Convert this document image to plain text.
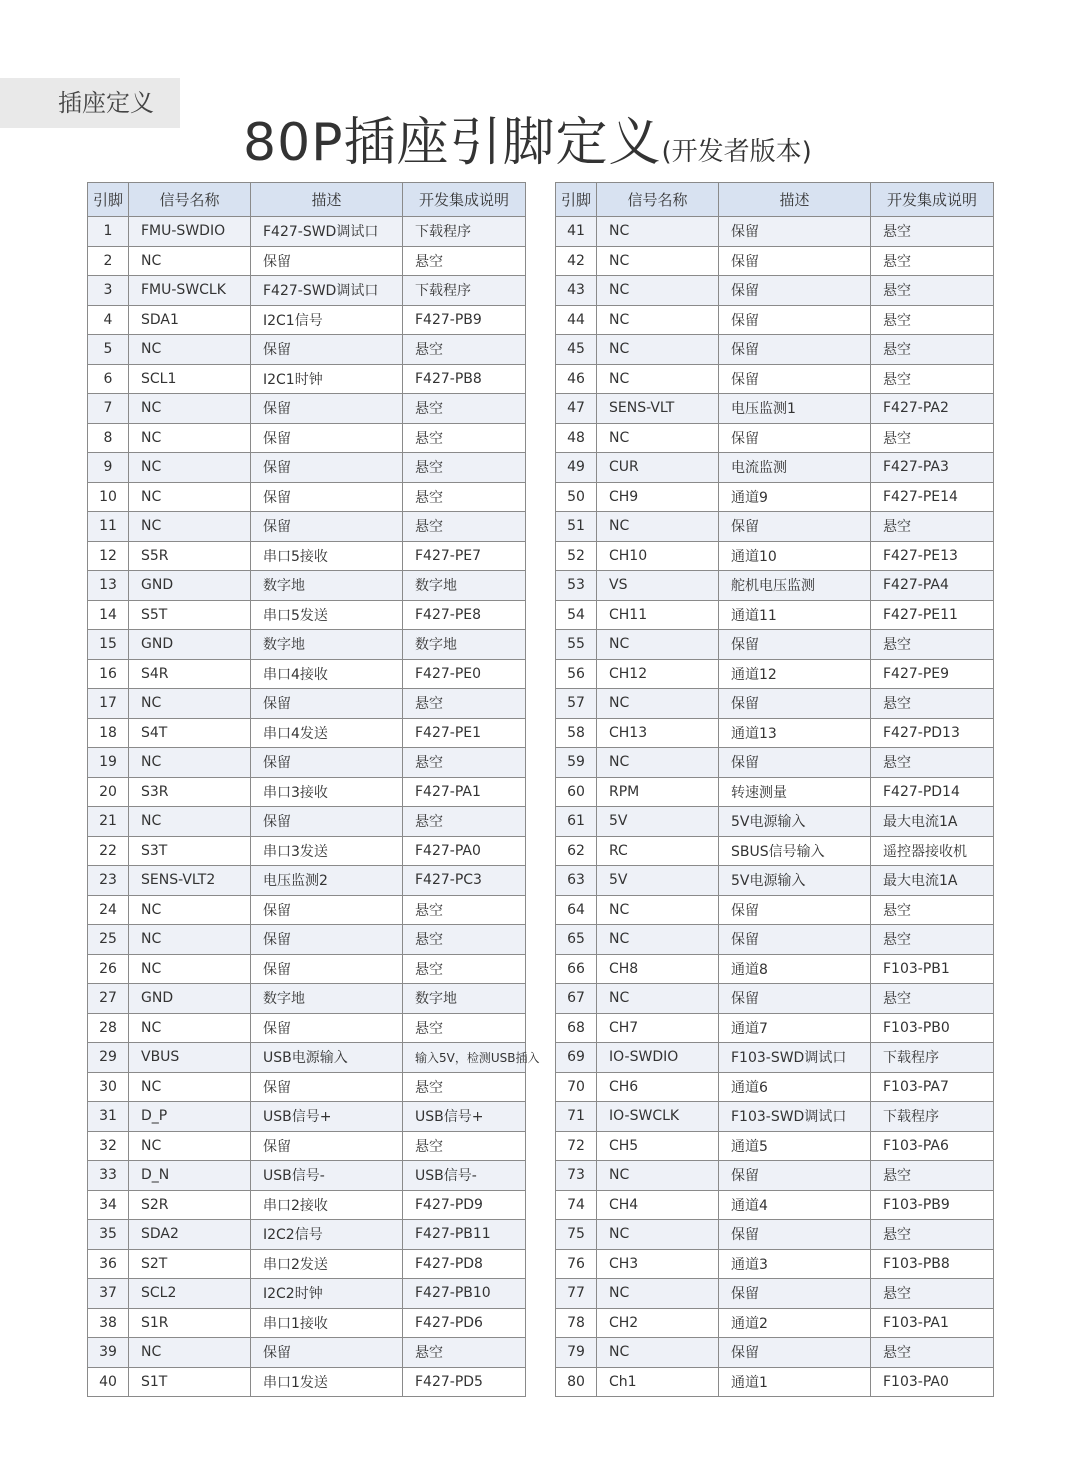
插座定义
80P插座引脚定义(开发者版本)
引脚	信号名称	描述	开发集成说明
1	FMU-SWDIO	F427-SWD调试口	下载程序
2	NC	保留	悬空
3	FMU-SWCLK	F427-SWD调试口	下载程序
4	SDA1	I2C1信号	F427-PB9
5	NC	保留	悬空
6	SCL1	I2C1时钟	F427-PB8
7	NC	保留	悬空
8	NC	保留	悬空
9	NC	保留	悬空
10	NC	保留	悬空
11	NC	保留	悬空
12	S5R	串口5接收	F427-PE7
13	GND	数字地	数字地
14	S5T	串口5发送	F427-PE8
15	GND	数字地	数字地
16	S4R	串口4接收	F427-PE0
17	NC	保留	悬空
18	S4T	串口4发送	F427-PE1
19	NC	保留	悬空
20	S3R	串口3接收	F427-PA1
21	NC	保留	悬空
22	S3T	串口3发送	F427-PA0
23	SENS-VLT2	电压监测2	F427-PC3
24	NC	保留	悬空
25	NC	保留	悬空
26	NC	保留	悬空
27	GND	数字地	数字地
28	NC	保留	悬空
29	VBUS	USB电源输入	输入5V，检测USB插入
30	NC	保留	悬空
31	D_P	USB信号+	USB信号+
32	NC	保留	悬空
33	D_N	USB信号-	USB信号-
34	S2R	串口2接收	F427-PD9
35	SDA2	I2C2信号	F427-PB11
36	S2T	串口2发送	F427-PD8
37	SCL2	I2C2时钟	F427-PB10
38	S1R	串口1接收	F427-PD6
39	NC	保留	悬空
40	S1T	串口1发送	F427-PD5
引脚	信号名称	描述	开发集成说明
41	NC	保留	悬空
42	NC	保留	悬空
43	NC	保留	悬空
44	NC	保留	悬空
45	NC	保留	悬空
46	NC	保留	悬空
47	SENS-VLT	电压监测1	F427-PA2
48	NC	保留	悬空
49	CUR	电流监测	F427-PA3
50	CH9	通道9	F427-PE14
51	NC	保留	悬空
52	CH10	通道10	F427-PE13
53	VS	舵机电压监测	F427-PA4
54	CH11	通道11	F427-PE11
55	NC	保留	悬空
56	CH12	通道12	F427-PE9
57	NC	保留	悬空
58	CH13	通道13	F427-PD13
59	NC	保留	悬空
60	RPM	转速测量	F427-PD14
61	5V	5V电源输入	最大电流1A
62	RC	SBUS信号输入	遥控器接收机
63	5V	5V电源输入	最大电流1A
64	NC	保留	悬空
65	NC	保留	悬空
66	CH8	通道8	F103-PB1
67	NC	保留	悬空
68	CH7	通道7	F103-PB0
69	IO-SWDIO	F103-SWD调试口	下载程序
70	CH6	通道6	F103-PA7
71	IO-SWCLK	F103-SWD调试口	下载程序
72	CH5	通道5	F103-PA6
73	NC	保留	悬空
74	CH4	通道4	F103-PB9
75	NC	保留	悬空
76	CH3	通道3	F103-PB8
77	NC	保留	悬空
78	CH2	通道2	F103-PA1
79	NC	保留	悬空
80	Ch1	通道1	F103-PA0
